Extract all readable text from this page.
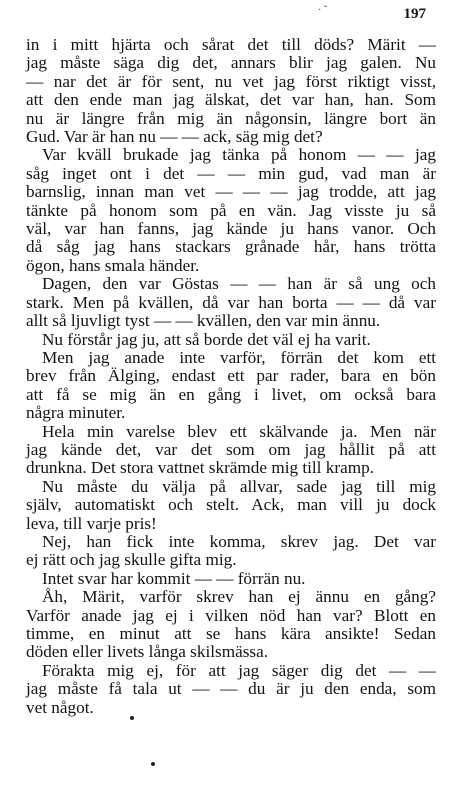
· ˇ	197
in i mitt hjärta och sårat det till döds? Märit —
jag måste säga dig det, annars blir jag galen. Nu
— nar det är för sent, nu vet jag först riktigt visst,
att den ende man jag älskat, det var han, han. Som
nu är längre från mig än någonsin, längre bort än
Gud. Var är han nu — — ack, säg mig det?
Var kväll brukade jag tänka på honom — — jag
såg inget ont i det — — min gud, vad man är
barnslig, innan man vet — — — jag trodde, att jag
tänkte på honom som på en vän. Jag visste ju så
väl, var han fanns, jag kände ju hans vanor. Och
då såg jag hans stackars grånade hår, hans trötta
ögon, hans smala händer.
Dagen, den var Göstas — — han är så ung och
stark. Men på kvällen, då var han borta — — då var
allt så ljuvligt tyst — — kvällen, den var min ännu.
Nu förstår jag ju, att så borde det väl ej ha varit.
Men jag anade inte varför, förrän det kom ett
brev från Älging, endast ett par rader, bara en bön
att få se mig än en gång i livet, om också bara
några minuter.
Hela min varelse blev ett skälvande ja. Men när
jag kände det, var det som om jag hållit på att
drunkna. Det stora vattnet skrämde mig till kramp.
Nu måste du välja på allvar, sade jag till mig
själv, automatiskt och stelt. Ack, man vill ju dock
leva, till varje pris!
Nej, han fick inte komma, skrev jag. Det var
ej rätt och jag skulle gifta mig.
Intet svar har kommit — — förrän nu.
Åh, Märit, varför skrev han ej ännu en gång?
Varför anade jag ej i vilken nöd han var? Blott en
timme, en minut att se hans kära ansikte! Sedan
döden eller livets långa skilsmässa.
Förakta mig ej, för att jag säger dig det — —
jag måste få tala ut — — du är ju den enda, som
vet något.
